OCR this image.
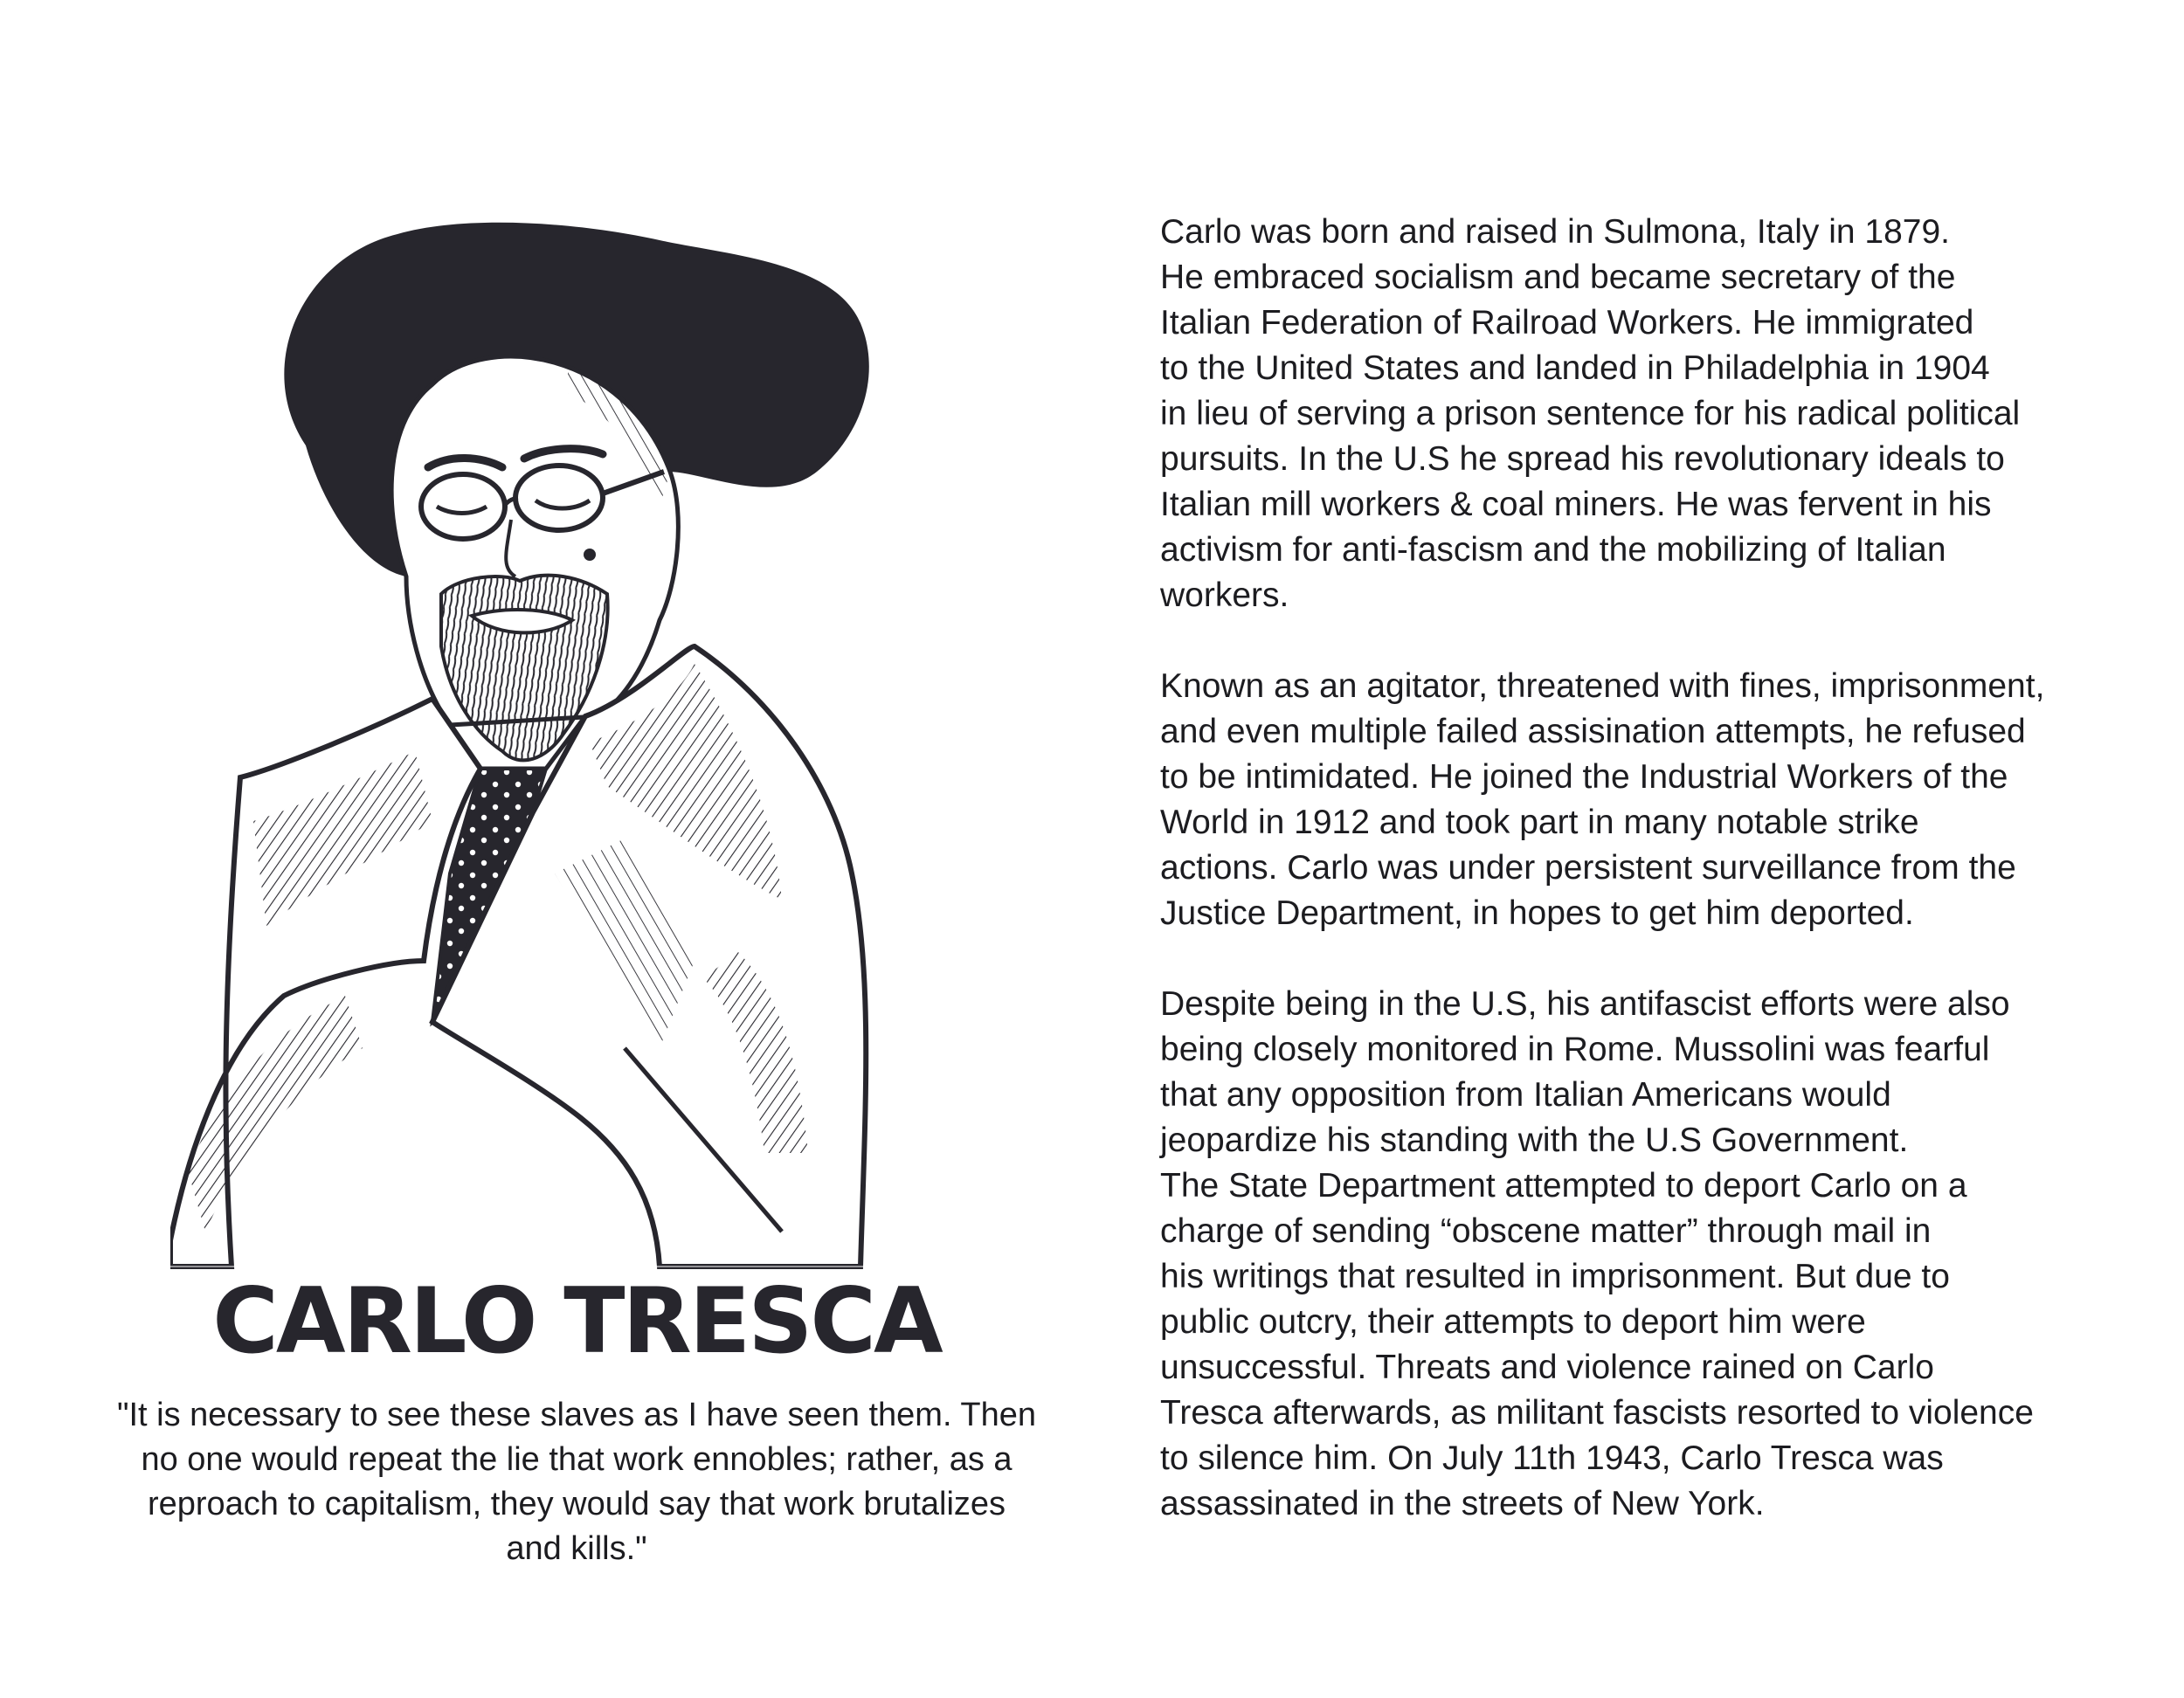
CARLO TRESCA
"It is necessary to see these slaves as I have seen them. Then
no one would repeat the lie that work ennobles; rather, as a
reproach to capitalism, they would say that work brutalizes
and kills."

Carlo was born and raised in Sulmona, Italy in 1879.
He embraced socialism and became secretary of the
Italian Federation of Railroad Workers. He immigrated
to the United States and landed in Philadelphia in 1904
in lieu of serving a prison sentence for his radical political
pursuits. In the U.S he spread his revolutionary ideals to
Italian mill workers & coal miners. He was fervent in his
activism for anti-fascism and the mobilizing of Italian
workers.

Known as an agitator, threatened with fines, imprisonment,
and even multiple failed assisination attempts, he refused
to be intimidated. He joined the Industrial Workers of the
World in 1912 and took part in many notable strike
actions. Carlo was under persistent surveillance from the
Justice Department, in hopes to get him deported.

Despite being in the U.S, his antifascist efforts were also
being closely monitored in Rome. Mussolini was fearful
that any opposition from Italian Americans would
jeopardize his standing with the U.S Government.
The State Department attempted to deport Carlo on a
charge of sending “obscene matter” through mail in
his writings that resulted in imprisonment. But due to
public outcry, their attempts to deport him were
unsuccessful. Threats and violence rained on Carlo
Tresca afterwards, as militant fascists resorted to violence
to silence him. On July 11th 1943, Carlo Tresca was
assassinated in the streets of New York.
